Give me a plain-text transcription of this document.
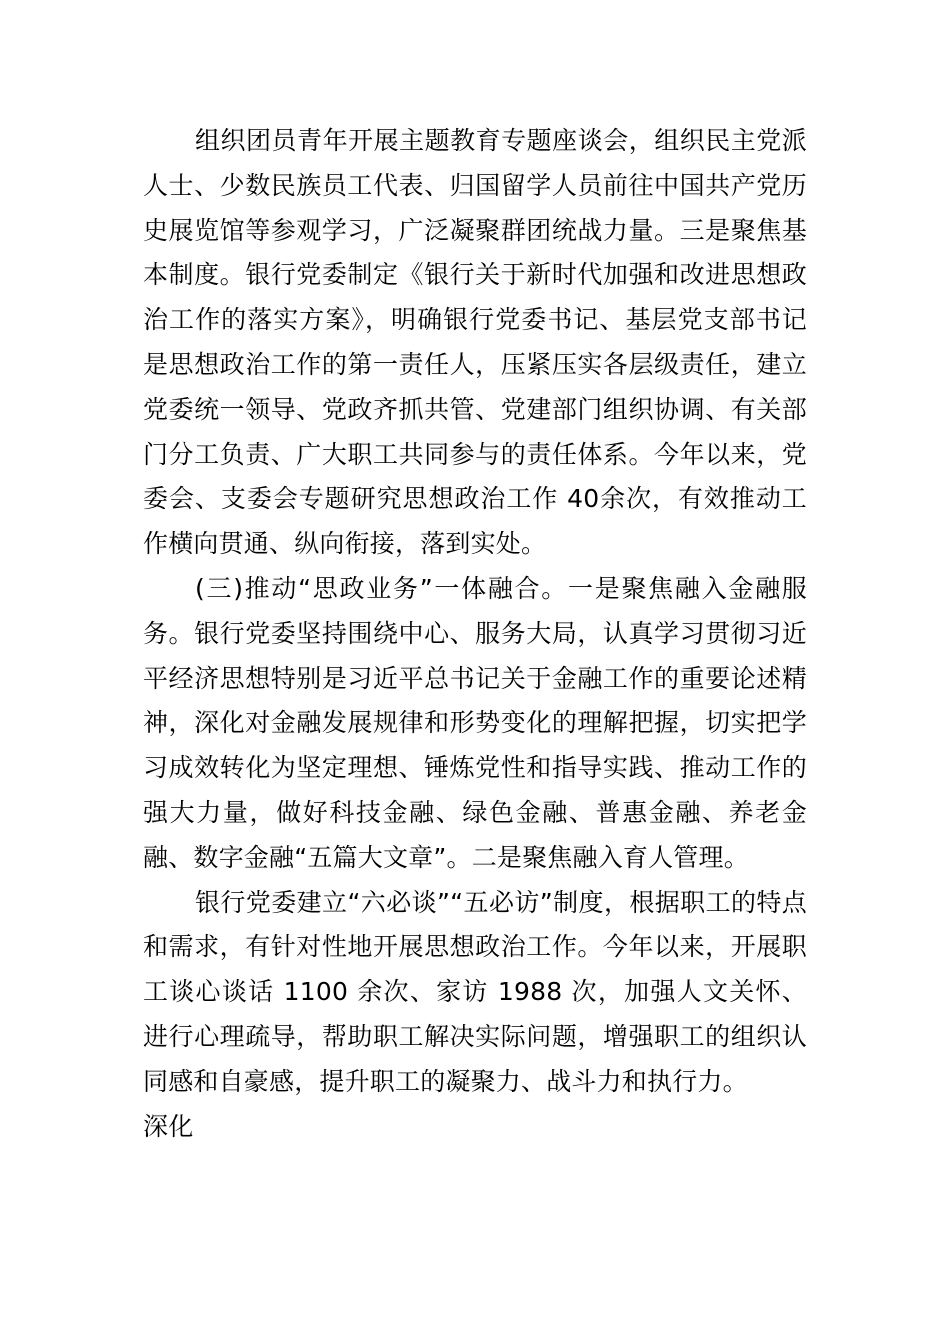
组织团员青年开展主题教育专题座谈会，组织民主党派人士、少数民族员工代表、归国留学人员前往中国共产党历史展览馆等参观学习，广泛凝聚群团统战力量。三是聚焦基本制度。银行党委制定《银行关于新时代加强和改进思想政治工作的落实方案》，明确银行党委书记、基层党支部书记是思想政治工作的第一责任人，压紧压实各层级责任，建立党委统一领导、党政齐抓共管、党建部门组织协调、有关部门分工负责、广大职工共同参与的责任体系。今年以来，党委会、支委会专题研究思想政治工作 40余次，有效推动工作横向贯通、纵向衔接，落到实处。

(三)推动“思政业务”一体融合。一是聚焦融入金融服务。银行党委坚持围绕中心、服务大局，认真学习贯彻习近平经济思想特别是习近平总书记关于金融工作的重要论述精神，深化对金融发展规律和形势变化的理解把握，切实把学习成效转化为坚定理想、锤炼党性和指导实践、推动工作的强大力量，做好科技金融、绿色金融、普惠金融、养老金融、数字金融“五篇大文章”。二是聚焦融入育人管理。

银行党委建立“六必谈”“五必访”制度，根据职工的特点和需求，有针对性地开展思想政治工作。今年以来，开展职工谈心谈话 1100 余次、家访 1988 次，加强人文关怀、进行心理疏导，帮助职工解决实际问题，增强职工的组织认同感和自豪感，提升职工的凝聚力、战斗力和执行力。

深化
